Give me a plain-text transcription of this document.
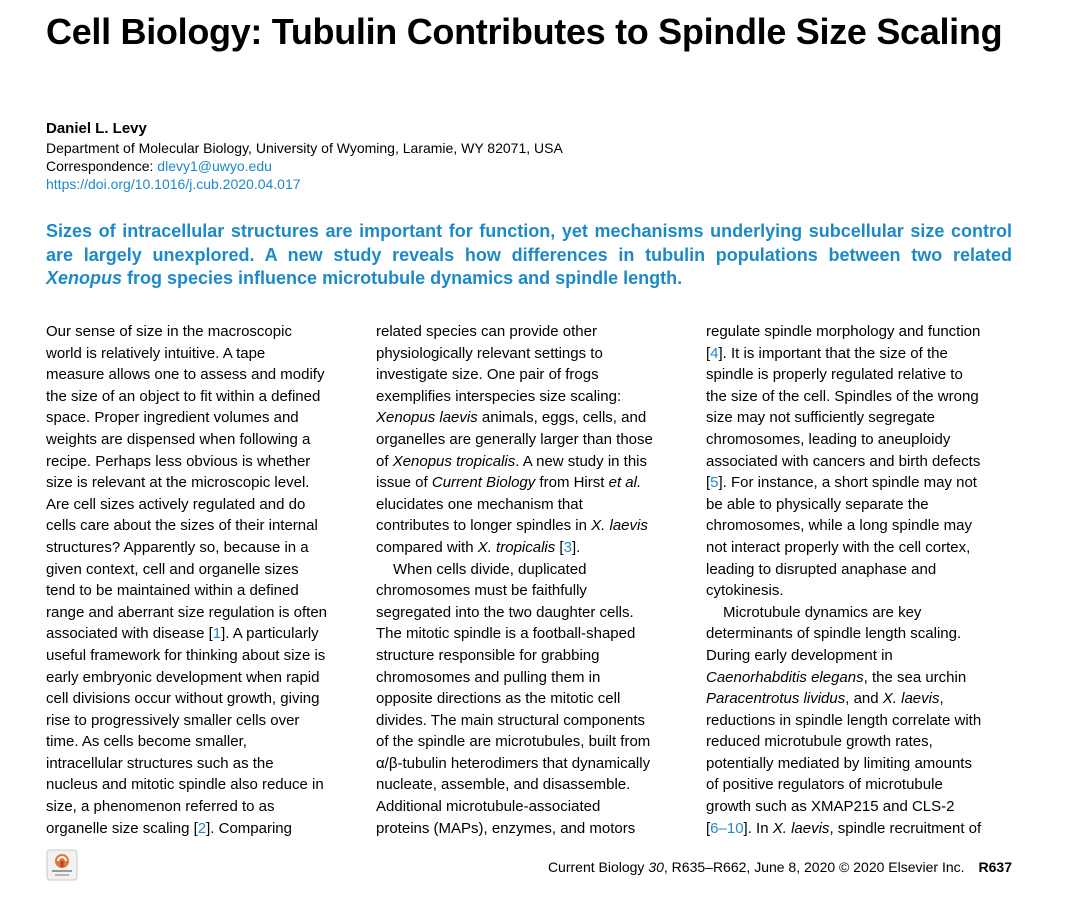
Cell Biology: Tubulin Contributes to Spindle Size Scaling
Daniel L. Levy
Department of Molecular Biology, University of Wyoming, Laramie, WY 82071, USA
Correspondence: dlevy1@uwyo.edu
https://doi.org/10.1016/j.cub.2020.04.017
Sizes of intracellular structures are important for function, yet mechanisms underlying subcellular size control are largely unexplored. A new study reveals how differences in tubulin populations between two related Xenopus frog species influence microtubule dynamics and spindle length.
Our sense of size in the macroscopic
world is relatively intuitive. A tape
measure allows one to assess and modify
the size of an object to fit within a defined
space. Proper ingredient volumes and
weights are dispensed when following a
recipe. Perhaps less obvious is whether
size is relevant at the microscopic level.
Are cell sizes actively regulated and do
cells care about the sizes of their internal
structures? Apparently so, because in a
given context, cell and organelle sizes
tend to be maintained within a defined
range and aberrant size regulation is often
associated with disease [1]. A particularly
useful framework for thinking about size is
early embryonic development when rapid
cell divisions occur without growth, giving
rise to progressively smaller cells over
time. As cells become smaller,
intracellular structures such as the
nucleus and mitotic spindle also reduce in
size, a phenomenon referred to as
organelle size scaling [2]. Comparing
related species can provide other
physiologically relevant settings to
investigate size. One pair of frogs
exemplifies interspecies size scaling:
Xenopus laevis animals, eggs, cells, and
organelles are generally larger than those
of Xenopus tropicalis. A new study in this
issue of Current Biology from Hirst et al.
elucidates one mechanism that
contributes to longer spindles in X. laevis
compared with X. tropicalis [3].
When cells divide, duplicated
chromosomes must be faithfully
segregated into the two daughter cells.
The mitotic spindle is a football-shaped
structure responsible for grabbing
chromosomes and pulling them in
opposite directions as the mitotic cell
divides. The main structural components
of the spindle are microtubules, built from
α/β-tubulin heterodimers that dynamically
nucleate, assemble, and disassemble.
Additional microtubule-associated
proteins (MAPs), enzymes, and motors
regulate spindle morphology and function
[4]. It is important that the size of the
spindle is properly regulated relative to
the size of the cell. Spindles of the wrong
size may not sufficiently segregate
chromosomes, leading to aneuploidy
associated with cancers and birth defects
[5]. For instance, a short spindle may not
be able to physically separate the
chromosomes, while a long spindle may
not interact properly with the cell cortex,
leading to disrupted anaphase and
cytokinesis.
Microtubule dynamics are key
determinants of spindle length scaling.
During early development in
Caenorhabditis elegans, the sea urchin
Paracentrotus lividus, and X. laevis,
reductions in spindle length correlate with
reduced microtubule growth rates,
potentially mediated by limiting amounts
of positive regulators of microtubule
growth such as XMAP215 and CLS-2
[6–10]. In X. laevis, spindle recruitment of
Current Biology 30, R635–R662, June 8, 2020 © 2020 Elsevier Inc. R637
